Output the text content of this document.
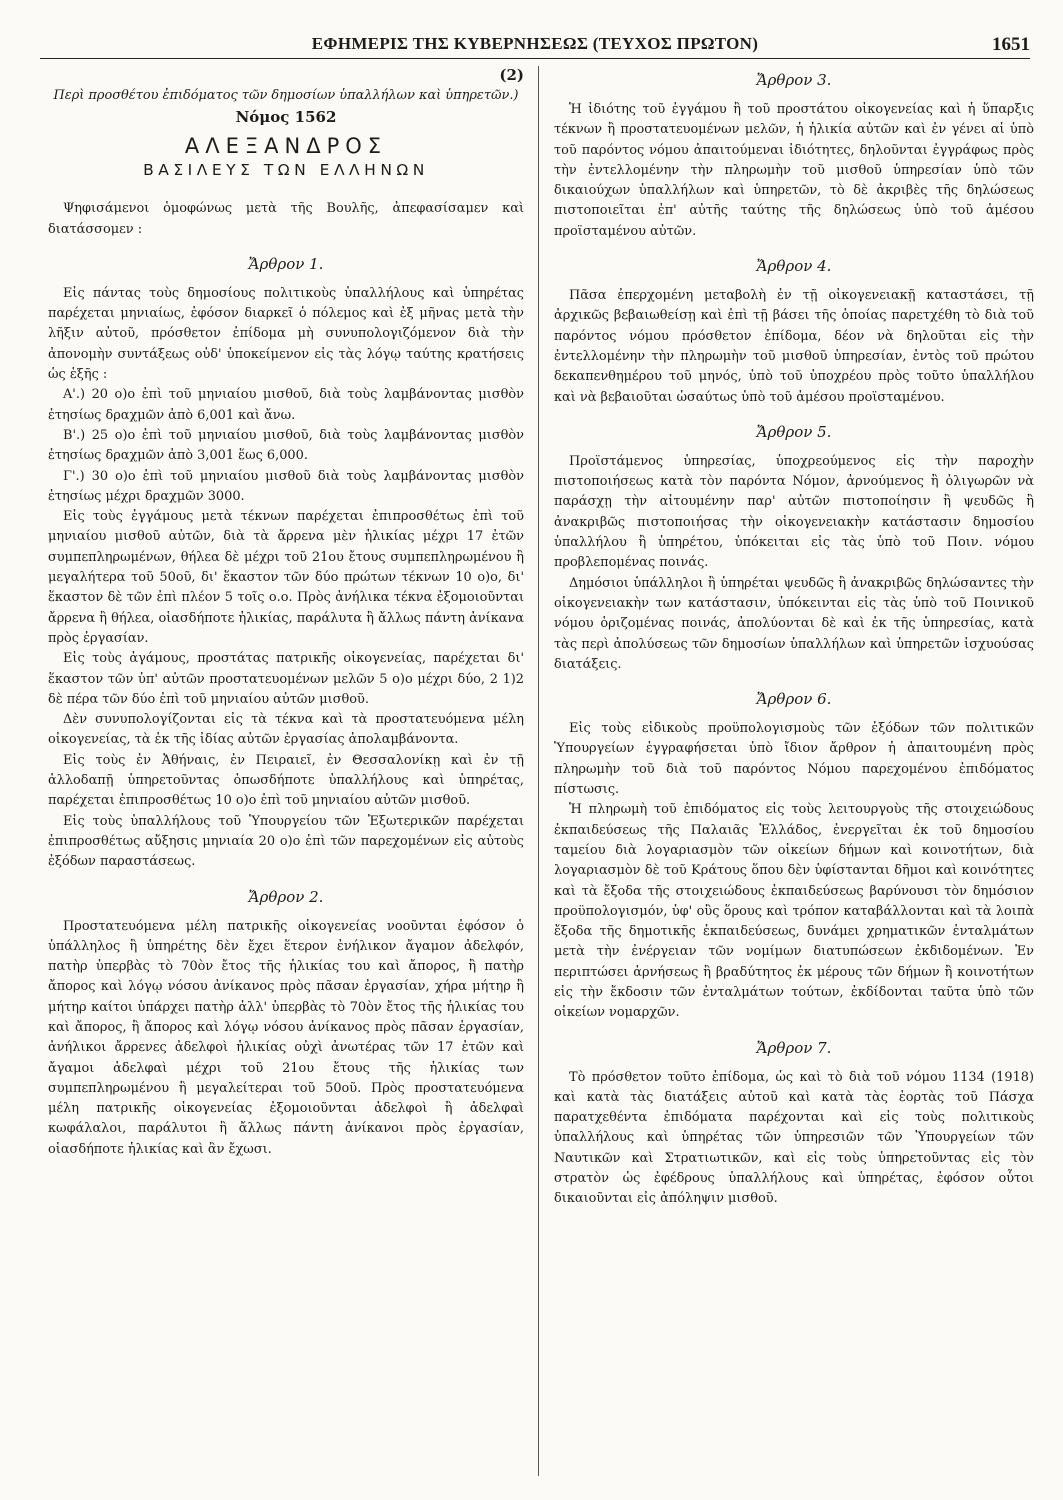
ΕΦΗΜΕΡΙΣ ΤΗΣ ΚΥΒΕΡΝΗΣΕΩΣ (ΤΕΥΧΟΣ ΠΡΩΤΟΝ)	1651
(2)

Περὶ προσθέτου ἐπιδόματος τῶν δημοσίων ὑπαλλήλων καὶ ὑπηρετῶν.)

Νόμος 1562
ΑΛΕΞΑΝΔΡΟΣ
ΒΑΣΙΛΕΥΣ ΤΩΝ ΕΛΛΗΝΩΝ

Ψηφισάμενοι ὁμοφώνως μετὰ τῆς Βουλῆς, ἀπεφασίσαμεν καὶ διατάσσομεν :

Ἄρθρον 1.

Εἰς πάντας τοὺς δημοσίους πολιτικοὺς ὑπαλλήλους καὶ ὑπηρέτας παρέχεται μηνιαίως, ἐφόσον διαρκεῖ ὁ πόλεμος καὶ ἐξ μῆνας μετὰ τὴν λῆξιν αὐτοῦ, πρόσθετον ἐπίδομα μὴ συνυπολογιζόμενον διὰ τὴν ἀπονομὴν συντάξεως οὐδ' ὑποκείμενον εἰς τὰς λόγῳ ταύτης κρατήσεις ὡς ἑξῆς :

Α'.) 20 ο)ο ἐπὶ τοῦ μηνιαίου μισθοῦ, διὰ τοὺς λαμβάνοντας μισθὸν ἐτησίως δραχμῶν ἀπὸ 6,001 καὶ ἄνω.

Β'.) 25 ο)ο ἐπὶ τοῦ μηνιαίου μισθοῦ, διὰ τοὺς λαμβάνοντας μισθὸν ἐτησίως δραχμῶν ἀπὸ 3,001 ἕως 6,000.

Γ'.) 30 ο)ο ἐπὶ τοῦ μηνιαίου μισθοῦ διὰ τοὺς λαμβάνοντας μισθὸν ἐτησίως μέχρι δραχμῶν 3000.

Εἰς τοὺς ἐγγάμους μετὰ τέκνων παρέχεται ἐπιπροσθέτως ἐπὶ τοῦ μηνιαίου μισθοῦ αὐτῶν, διὰ τὰ ἄρρενα μὲν ἡλικίας μέχρι 17 ἐτῶν συμπεπληρωμένων, θήλεα δὲ μέχρι τοῦ 21ου ἔτους συμπεπληρωμένου ἢ μεγαλήτερα τοῦ 50οῦ, δι' ἕκαστον τῶν δύο πρώτων τέκνων 10 ο)ο, δι' ἕκαστον δὲ τῶν ἐπὶ πλέον 5 τοῖς ο.ο. Πρὸς ἀνήλικα τέκνα ἐξομοιοῦνται ἄρρενα ἢ θήλεα, οἱασδήποτε ἡλικίας, παράλυτα ἢ ἄλλως πάντη ἀνίκανα πρὸς ἐργασίαν.

Εἰς τοὺς ἀγάμους, προστάτας πατρικῆς οἰκογενείας, παρέχεται δι' ἕκαστον τῶν ὑπ' αὐτῶν προστατευομένων μελῶν 5 ο)ο μέχρι δύο, 2 1)2 δὲ πέρα τῶν δύο ἐπὶ τοῦ μηνιαίου αὐτῶν μισθοῦ.

Δὲν συνυπολογίζονται εἰς τὰ τέκνα καὶ τὰ προστατευόμενα μέλη οἰκογενείας, τὰ ἐκ τῆς ἰδίας αὐτῶν ἐργασίας ἀπολαμβάνοντα.

Εἰς τοὺς ἐν Ἀθήναις, ἐν Πειραιεῖ, ἐν Θεσσαλονίκῃ καὶ ἐν τῇ ἀλλοδαπῇ ὑπηρετοῦντας ὁπωσδήποτε ὑπαλλήλους καὶ ὑπηρέτας, παρέχεται ἐπιπροσθέτως 10 ο)ο ἐπὶ τοῦ μηνιαίου αὐτῶν μισθοῦ.

Εἰς τοὺς ὑπαλλήλους τοῦ Ὑπουργείου τῶν Ἐξωτερικῶν παρέχεται ἐπιπροσθέτως αὔξησις μηνιαία 20 ο)ο ἐπὶ τῶν παρεχομένων εἰς αὐτοὺς ἐξόδων παραστάσεως.

Ἄρθρον 2.

Προστατευόμενα μέλη πατρικῆς οἰκογενείας νοοῦνται ἐφόσον ὁ ὑπάλληλος ἢ ὑπηρέτης δὲν ἔχει ἕτερον ἐνήλικον ἄγαμον ἀδελφόν, πατὴρ ὑπερβὰς τὸ 70ὸν ἔτος τῆς ἡλικίας του καὶ ἄπορος, ἢ πατὴρ ἄπορος καὶ λόγῳ νόσου ἀνίκανος πρὸς πᾶσαν ἐργασίαν, χήρα μήτηρ ἢ μήτηρ καίτοι ὑπάρχει πατὴρ ἀλλ' ὑπερβὰς τὸ 70ὸν ἔτος τῆς ἡλικίας του καὶ ἄπορος, ἢ ἄπορος καὶ λόγῳ νόσου ἀνίκανος πρὸς πᾶσαν ἐργασίαν, ἀνήλικοι ἄρρενες ἀδελφοὶ ἡλικίας οὐχὶ ἀνωτέρας τῶν 17 ἐτῶν καὶ ἄγαμοι ἀδελφαὶ μέχρι τοῦ 21ου ἔτους τῆς ἡλικίας των συμπεπληρωμένου ἢ μεγαλείτεραι τοῦ 50οῦ. Πρὸς προστατευόμενα μέλη πατρικῆς οἰκογενείας ἐξομοιοῦνται ἀδελφοὶ ἢ ἀδελφαὶ κωφάλαλοι, παράλυτοι ἢ ἄλλως πάντη ἀνίκανοι πρὸς ἐργασίαν, οἱασδήποτε ἡλικίας καὶ ἂν ἔχωσι.

Ἄρθρον 3.

Ἡ ἰδιότης τοῦ ἐγγάμου ἢ τοῦ προστάτου οἰκογενείας καὶ ἡ ὕπαρξις τέκνων ἢ προστατευομένων μελῶν, ἡ ἡλικία αὐτῶν καὶ ἐν γένει αἱ ὑπὸ τοῦ παρόντος νόμου ἀπαιτούμεναι ἰδιότητες, δηλοῦνται ἐγγράφως πρὸς τὴν ἐντελλομένην τὴν πληρωμὴν τοῦ μισθοῦ ὑπηρεσίαν ὑπὸ τῶν δικαιούχων ὑπαλλήλων καὶ ὑπηρετῶν, τὸ δὲ ἀκριβὲς τῆς δηλώσεως πιστοποιεῖται ἐπ' αὐτῆς ταύτης τῆς δηλώσεως ὑπὸ τοῦ ἀμέσου προϊσταμένου αὐτῶν.

Ἄρθρον 4.

Πᾶσα ἐπερχομένη μεταβολὴ ἐν τῇ οἰκογενειακῇ καταστάσει, τῇ ἀρχικῶς βεβαιωθείσῃ καὶ ἐπὶ τῇ βάσει τῆς ὁποίας παρετχέθη τὸ διὰ τοῦ παρόντος νόμου πρόσθετον ἐπίδομα, δέον νὰ δηλοῦται εἰς τὴν ἐντελλομένην τὴν πληρωμὴν τοῦ μισθοῦ ὑπηρεσίαν, ἐντὸς τοῦ πρώτου δεκαπενθημέρου τοῦ μηνός, ὑπὸ τοῦ ὑποχρέου πρὸς τοῦτο ὑπαλλήλου καὶ νὰ βεβαιοῦται ὡσαύτως ὑπὸ τοῦ ἀμέσου προϊσταμένου.

Ἄρθρον 5.

Προϊστάμενος ὑπηρεσίας, ὑποχρεούμενος εἰς τὴν παροχὴν πιστοποιήσεως κατὰ τὸν παρόντα Νόμον, ἀρνούμενος ἢ ὀλιγωρῶν νὰ παράσχῃ τὴν αἰτουμένην παρ' αὐτῶν πιστοποίησιν ἢ ψευδῶς ἢ ἀνακριβῶς πιστοποιήσας τὴν οἰκογενειακὴν κατάστασιν δημοσίου ὑπαλλήλου ἢ ὑπηρέτου, ὑπόκειται εἰς τὰς ὑπὸ τοῦ Ποιν. νόμου προβλεπομένας ποινάς.

Δημόσιοι ὑπάλληλοι ἢ ὑπηρέται ψευδῶς ἢ ἀνακριβῶς δηλώσαντες τὴν οἰκογενειακὴν των κατάστασιν, ὑπόκεινται εἰς τὰς ὑπὸ τοῦ Ποινικοῦ νόμου ὁριζομένας ποινάς, ἀπολύονται δὲ καὶ ἐκ τῆς ὑπηρεσίας, κατὰ τὰς περὶ ἀπολύσεως τῶν δημοσίων ὑπαλλήλων καὶ ὑπηρετῶν ἰσχυούσας διατάξεις.

Ἄρθρον 6.

Εἰς τοὺς εἰδικοὺς προϋπολογισμοὺς τῶν ἐξόδων τῶν πολιτικῶν Ὑπουργείων ἐγγραφήσεται ὑπὸ ἴδιον ἄρθρον ἡ ἀπαιτουμένη πρὸς πληρωμὴν τοῦ διὰ τοῦ παρόντος Νόμου παρεχομένου ἐπιδόματος πίστωσις.

Ἡ πληρωμὴ τοῦ ἐπιδόματος εἰς τοὺς λειτουργοὺς τῆς στοιχειώδους ἐκπαιδεύσεως τῆς Παλαιᾶς Ἑλλάδος, ἐνεργεῖται ἐκ τοῦ δημοσίου ταμείου διὰ λογαριασμὸν τῶν οἰκείων δήμων καὶ κοινοτήτων, διὰ λογαριασμὸν δὲ τοῦ Κράτους ὅπου δὲν ὑφίστανται δῆμοι καὶ κοινότητες καὶ τὰ ἔξοδα τῆς στοιχειώδους ἐκπαιδεύσεως βαρύνουσι τὸν δημόσιον προϋπολογισμόν, ὑφ' οὓς ὅρους καὶ τρόπον καταβάλλονται καὶ τὰ λοιπὰ ἔξοδα τῆς δημοτικῆς ἐκπαιδεύσεως, δυνάμει χρηματικῶν ἐνταλμάτων μετὰ τὴν ἐνέργειαν τῶν νομίμων διατυπώσεων ἐκδιδομένων. Ἐν περιπτώσει ἀρνήσεως ἢ βραδύτητος ἐκ μέρους τῶν δήμων ἢ κοινοτήτων εἰς τὴν ἔκδοσιν τῶν ἐνταλμάτων τούτων, ἐκδίδονται ταῦτα ὑπὸ τῶν οἰκείων νομαρχῶν.

Ἄρθρον 7.

Τὸ πρόσθετον τοῦτο ἐπίδομα, ὡς καὶ τὸ διὰ τοῦ νόμου 1134 (1918) καὶ κατὰ τὰς διατάξεις αὐτοῦ καὶ κατὰ τὰς ἑορτὰς τοῦ Πάσχα παρατχεθέντα ἐπιδόματα παρέχονται καὶ εἰς τοὺς πολιτικοὺς ὑπαλλήλους καὶ ὑπηρέτας τῶν ὑπηρεσιῶν τῶν Ὑπουργείων τῶν Ναυτικῶν καὶ Στρατιωτικῶν, καὶ εἰς τοὺς ὑπηρετοῦντας εἰς τὸν στρατὸν ὡς ἐφέδρους ὑπαλλήλους καὶ ὑπηρέτας, ἐφόσον οὗτοι δικαιοῦνται εἰς ἀπόληψιν μισθοῦ.
